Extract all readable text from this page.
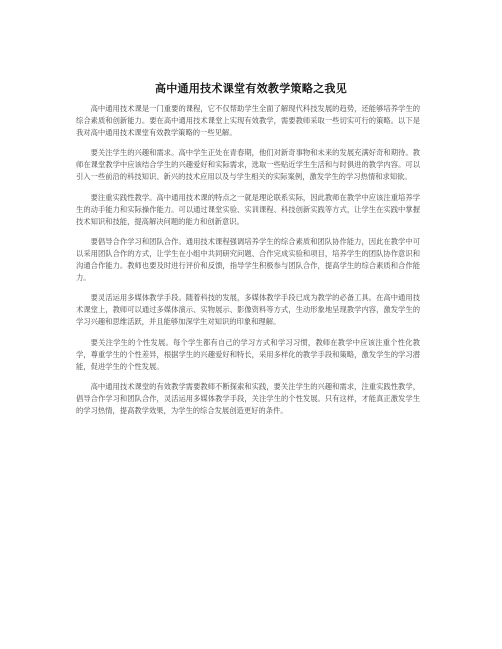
高中通用技术课堂有效教学策略之我见

高中通用技术课是一门重要的课程，它不仅帮助学生全面了解现代科技发展的趋势，还能够培养学生的综合素质和创新能力。要在高中通用技术课堂上实现有效教学，需要教师采取一些切实可行的策略。以下是我对高中通用技术课堂有效教学策略的一些见解。

要关注学生的兴趣和需求。高中学生正处在青春期，他们对新奇事物和未来的发展充满好奇和期待。教师在课堂教学中应该结合学生的兴趣爱好和实际需求，选取一些贴近学生生活和与时俱进的教学内容。可以引入一些前沿的科技知识、新兴的技术应用以及与学生相关的实际案例，激发学生的学习热情和求知欲。

要注重实践性教学。高中通用技术课的特点之一就是理论联系实际，因此教师在教学中应该注重培养学生的动手能力和实际操作能力。可以通过课堂实验、实训课程、科技创新实践等方式，让学生在实践中掌握技术知识和技能，提高解决问题的能力和创新意识。

要倡导合作学习和团队合作。通用技术课程强调培养学生的综合素质和团队协作能力，因此在教学中可以采用团队合作的方式，让学生在小组中共同研究问题、合作完成实验和项目，培养学生的团队协作意识和沟通合作能力。教师也要及时进行评价和反馈，指导学生积极参与团队合作，提高学生的综合素质和合作能力。

要灵活运用多媒体教学手段。随着科技的发展，多媒体教学手段已成为教学的必备工具。在高中通用技术课堂上，教师可以通过多媒体演示、实物展示、影像资料等方式，生动形象地呈现教学内容，激发学生的学习兴趣和思维活跃，并且能够加深学生对知识的印象和理解。

要关注学生的个性发展。每个学生都有自己的学习方式和学习习惯，教师在教学中应该注重个性化教学，尊重学生的个性差异，根据学生的兴趣爱好和特长，采用多样化的教学手段和策略，激发学生的学习潜能，促进学生的个性发展。

高中通用技术课堂的有效教学需要教师不断探索和实践，要关注学生的兴趣和需求，注重实践性教学，倡导合作学习和团队合作，灵活运用多媒体教学手段，关注学生的个性发展。只有这样，才能真正激发学生的学习热情，提高教学效果，为学生的综合发展创造更好的条件。
